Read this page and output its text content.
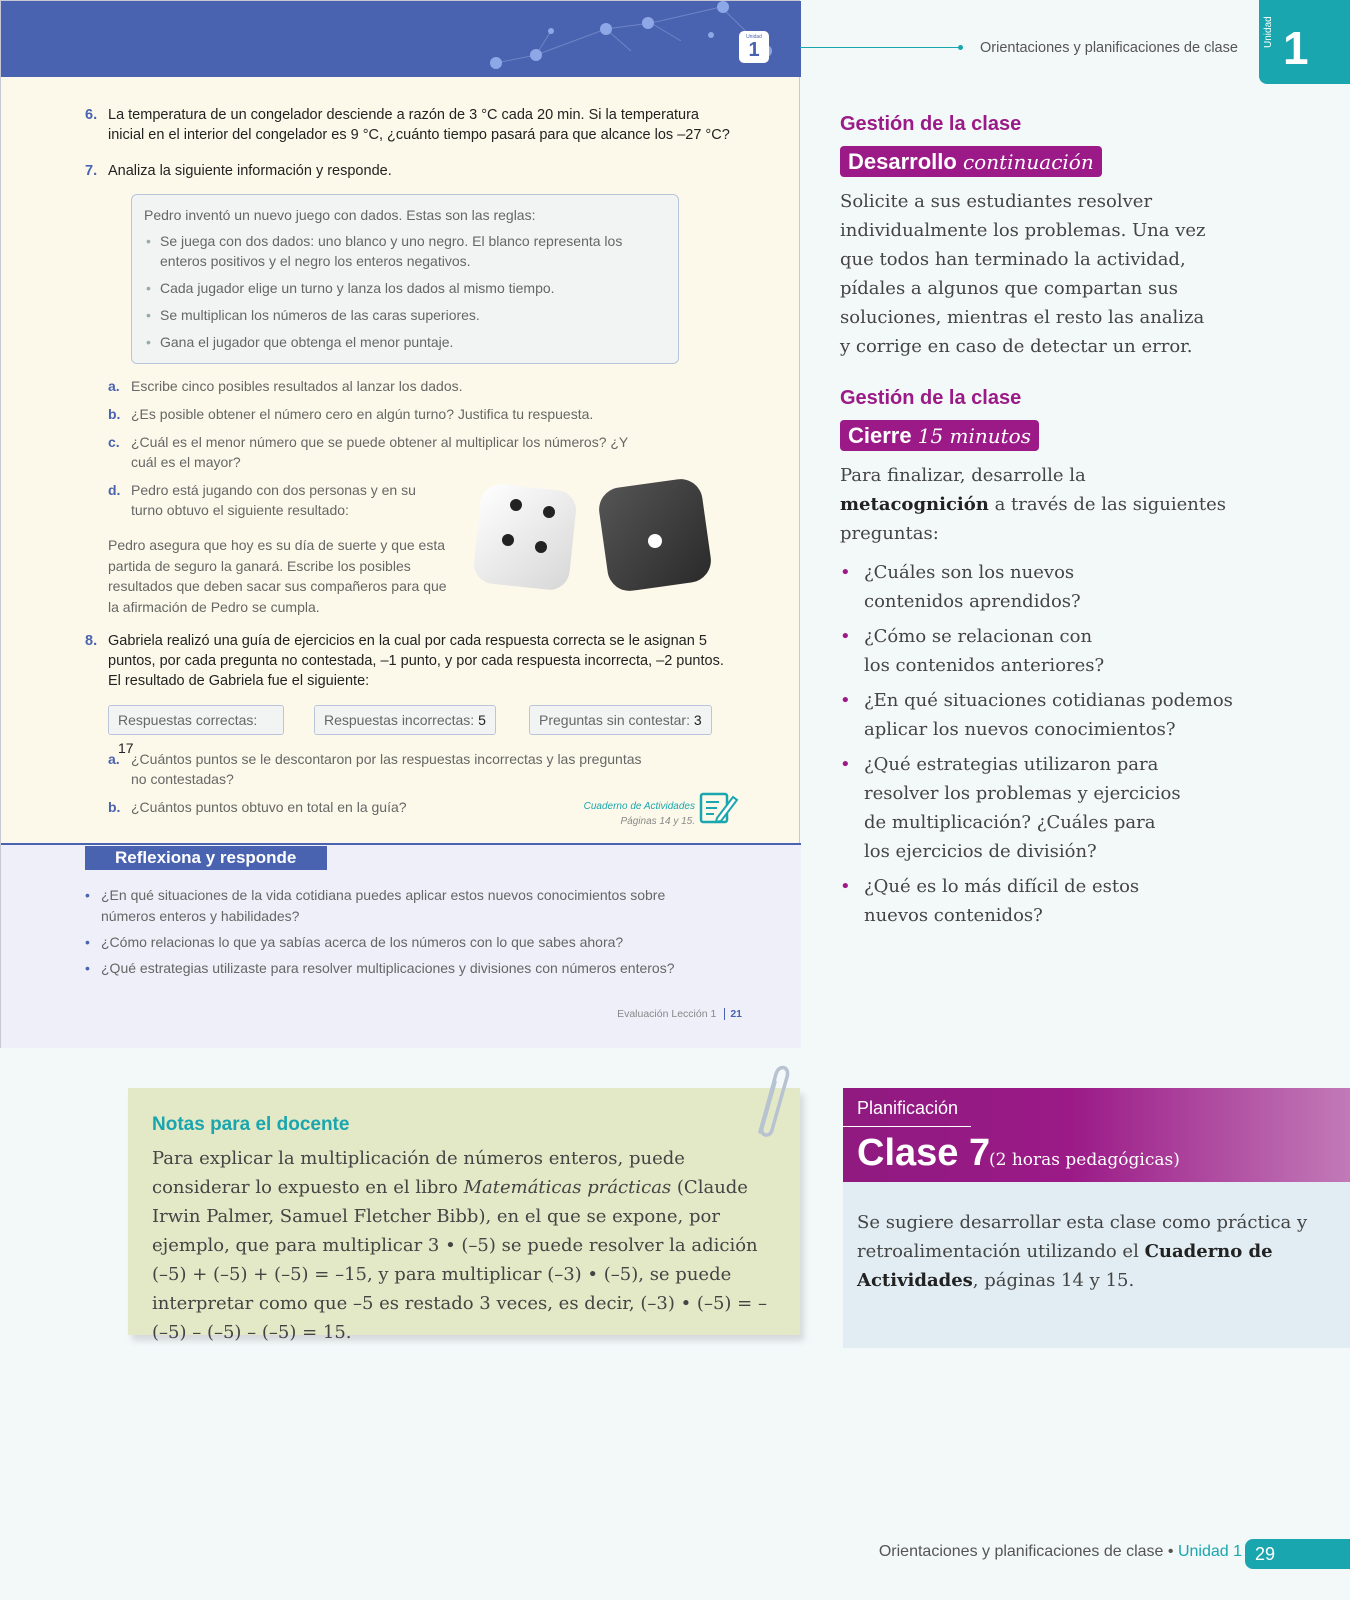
Unidad
1
6. La temperatura de un congelador desciende a razón de 3 °C cada 20 min. Si la temperatura inicial en el interior del congelador es 9 °C, ¿cuánto tiempo pasará para que alcance los –27 °C?
7. Analiza la siguiente información y responde.
Pedro inventó un nuevo juego con dados. Estas son las reglas:
• Se juega con dos dados: uno blanco y uno negro. El blanco representa los enteros positivos y el negro los enteros negativos.
• Cada jugador elige un turno y lanza los dados al mismo tiempo.
• Se multiplican los números de las caras superiores.
• Gana el jugador que obtenga el menor puntaje.
a. Escribe cinco posibles resultados al lanzar los dados.
b. ¿Es posible obtener el número cero en algún turno? Justifica tu respuesta.
c. ¿Cuál es el menor número que se puede obtener al multiplicar los números? ¿Y cuál es el mayor?
d. Pedro está jugando con dos personas y en su turno obtuvo el siguiente resultado:
Pedro asegura que hoy es su día de suerte y que esta partida de seguro la ganará. Escribe los posibles resultados que deben sacar sus compañeros para que la afirmación de Pedro se cumpla.
8. Gabriela realizó una guía de ejercicios en la cual por cada respuesta correcta se le asignan 5 puntos, por cada pregunta no contestada, –1 punto, y por cada respuesta incorrecta, –2 puntos. El resultado de Gabriela fue el siguiente:
Respuestas correctas: 17
Respuestas incorrectas: 5	Preguntas sin contestar: 3
a. ¿Cuántos puntos se le descontaron por las respuestas incorrectas y las preguntas no contestadas?
b. ¿Cuántos puntos obtuvo en total en la guía?	Cuaderno de Actividades
Páginas 14 y 15.
Reflexiona y responde
• ¿En qué situaciones de la vida cotidiana puedes aplicar estos nuevos conocimientos sobre números enteros y habilidades?
• ¿Cómo relacionas lo que ya sabías acerca de los números con lo que sabes ahora?
• ¿Qué estrategias utilizaste para resolver multiplicaciones y divisiones con números enteros?
Evaluación Lección 1 21
Orientaciones y planificaciones de clase	Unidad 1
Gestión de la clase
Desarrollo continuación

Solicite a sus estudiantes resolver individualmente los problemas. Una vez que todos han terminado la actividad, pídales a algunos que compartan sus soluciones, mientras el resto las analiza y corrige en caso de detectar un error.

Gestión de la clase
Cierre 15 minutos

Para finalizar, desarrolle la metacognición a través de las siguientes preguntas:

• ¿Cuáles son los nuevos contenidos aprendidos?
• ¿Cómo se relacionan con los contenidos anteriores?
• ¿En qué situaciones cotidianas podemos aplicar los nuevos conocimientos?
• ¿Qué estrategias utilizaron para resolver los problemas y ejercicios de multiplicación? ¿Cuáles para los ejercicios de división?
• ¿Qué es lo más difícil de estos nuevos contenidos?
Notas para el docente

Para explicar la multiplicación de números enteros, puede considerar lo expuesto en el libro Matemáticas prácticas (Claude Irwin Palmer, Samuel Fletcher Bibb), en el que se expone, por ejemplo, que para multiplicar 3 • (–5) se puede resolver la adición (–5) + (–5) + (–5) = –15, y para multiplicar (–3) • (–5), se puede interpretar como que –5 es restado 3 veces, es decir, (–3) • (–5) = –(–5) – (–5) – (–5) = 15.

Planificación
Clase 7
(2 horas pedagógicas)

Se sugiere desarrollar esta clase como práctica y retroalimentación utilizando el Cuaderno de Actividades, páginas 14 y 15.

Orientaciones y planificaciones de clase • Unidad 1 29
